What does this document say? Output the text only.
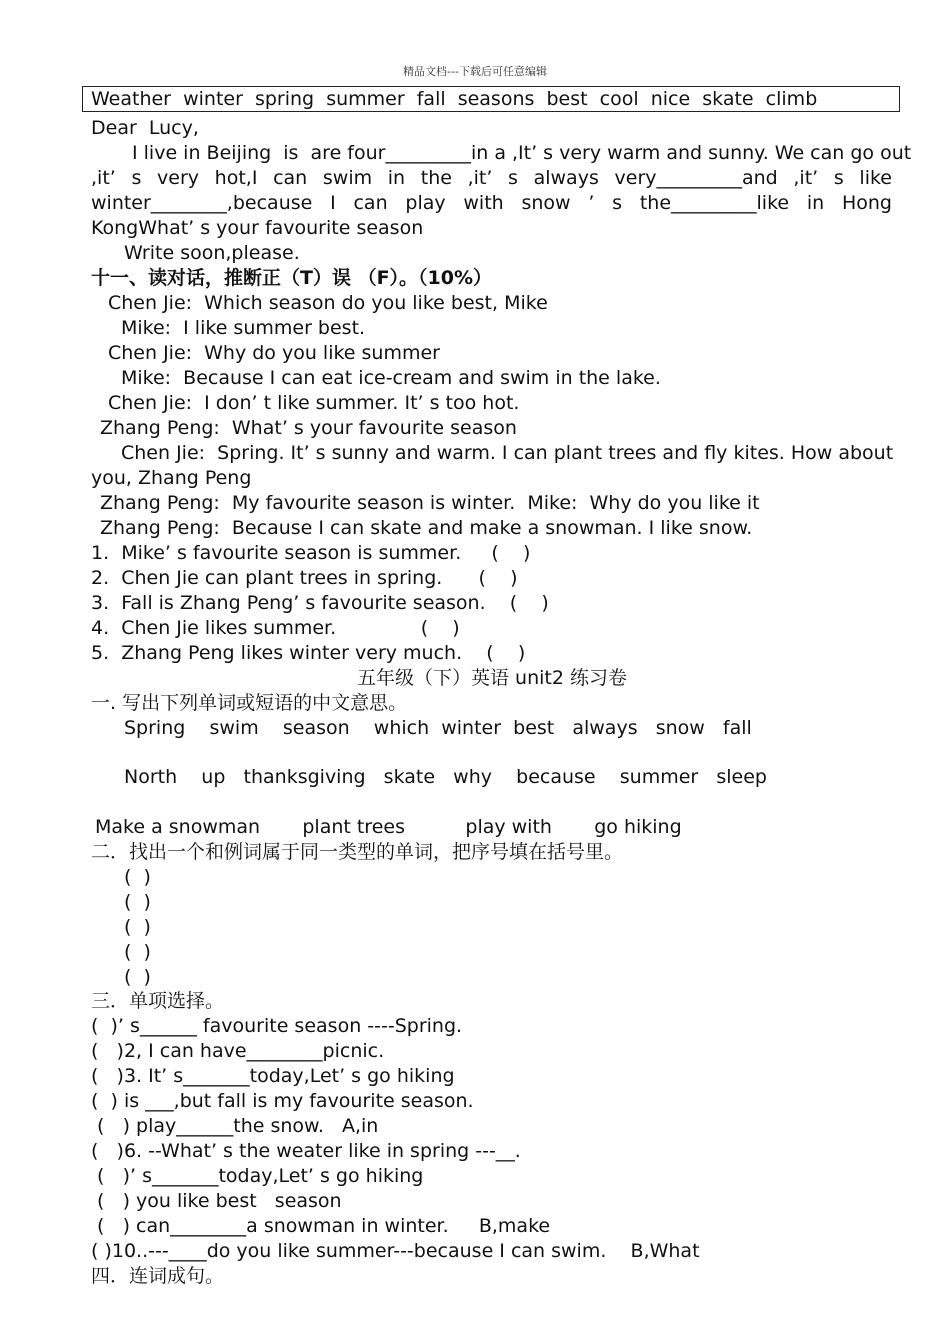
精品文档---下载后可任意编辑
Weather  winter  spring  summer  fall  seasons  best  cool  nice  skate  climb
Dear  Lucy,
I live in Beijing  is  are four_________in a ,It’ s very warm and sunny. We can go out
,it’ s very hot,I can swim in the ,it’ s always very_________and ,it’ s like
winter________,because I can play with snow ’ s the_________like in Hong
KongWhat’ s your favourite season
Write soon,please.
十一、读对话，推断正（T）误 （F）。（10%）
Chen Jie:  Which season do you like best, Mike
Mike:  I like summer best.
Chen Jie:  Why do you like summer
Mike:  Because I can eat ice-cream and swim in the lake.
Chen Jie:  I don’ t like summer. It’ s too hot.
Zhang Peng:  What’ s your favourite season
Chen Jie:  Spring. It’ s sunny and warm. I can plant trees and fly kites. How about
you, Zhang Peng
Zhang Peng:  My favourite season is winter.  Mike:  Why do you like it
Zhang Peng:  Because I can skate and make a snowman. I like snow.
1.  Mike’ s favourite season is summer.     (    )
2.  Chen Jie can plant trees in spring.      (    )
3.  Fall is Zhang Peng’ s favourite season.    (    )
4.  Chen Jie likes summer.              (    )
5.  Zhang Peng likes winter very much.    (    )
五年级（下）英语 unit2 练习卷
一. 写出下列单词或短语的中文意思。
Spring    swim    season    which  winter  best   always   snow   fall
North    up   thanksgiving   skate   why    because    summer   sleep
Make a snowman       plant trees          play with       go hiking
二．找出一个和例词属于同一类型的单词，把序号填在括号里。
(  )
(  )
(  )
(  )
(  )
三．单项选择。
(  )’ s______ favourite season ----Spring.
(   )2, I can have________picnic.
(   )3. It’ s_______today,Let’ s go hiking
(  ) is ___,but fall is my favourite season.
(   ) play______the snow.   A,in
(   )6. --What’ s the weater like in spring ---__.
(   )’ s_______today,Let’ s go hiking
(   ) you like best   season
(   ) can________a snowman in winter.     B,make
( )10..---____do you like summer---because I can swim.    B,What
四．连词成句。
